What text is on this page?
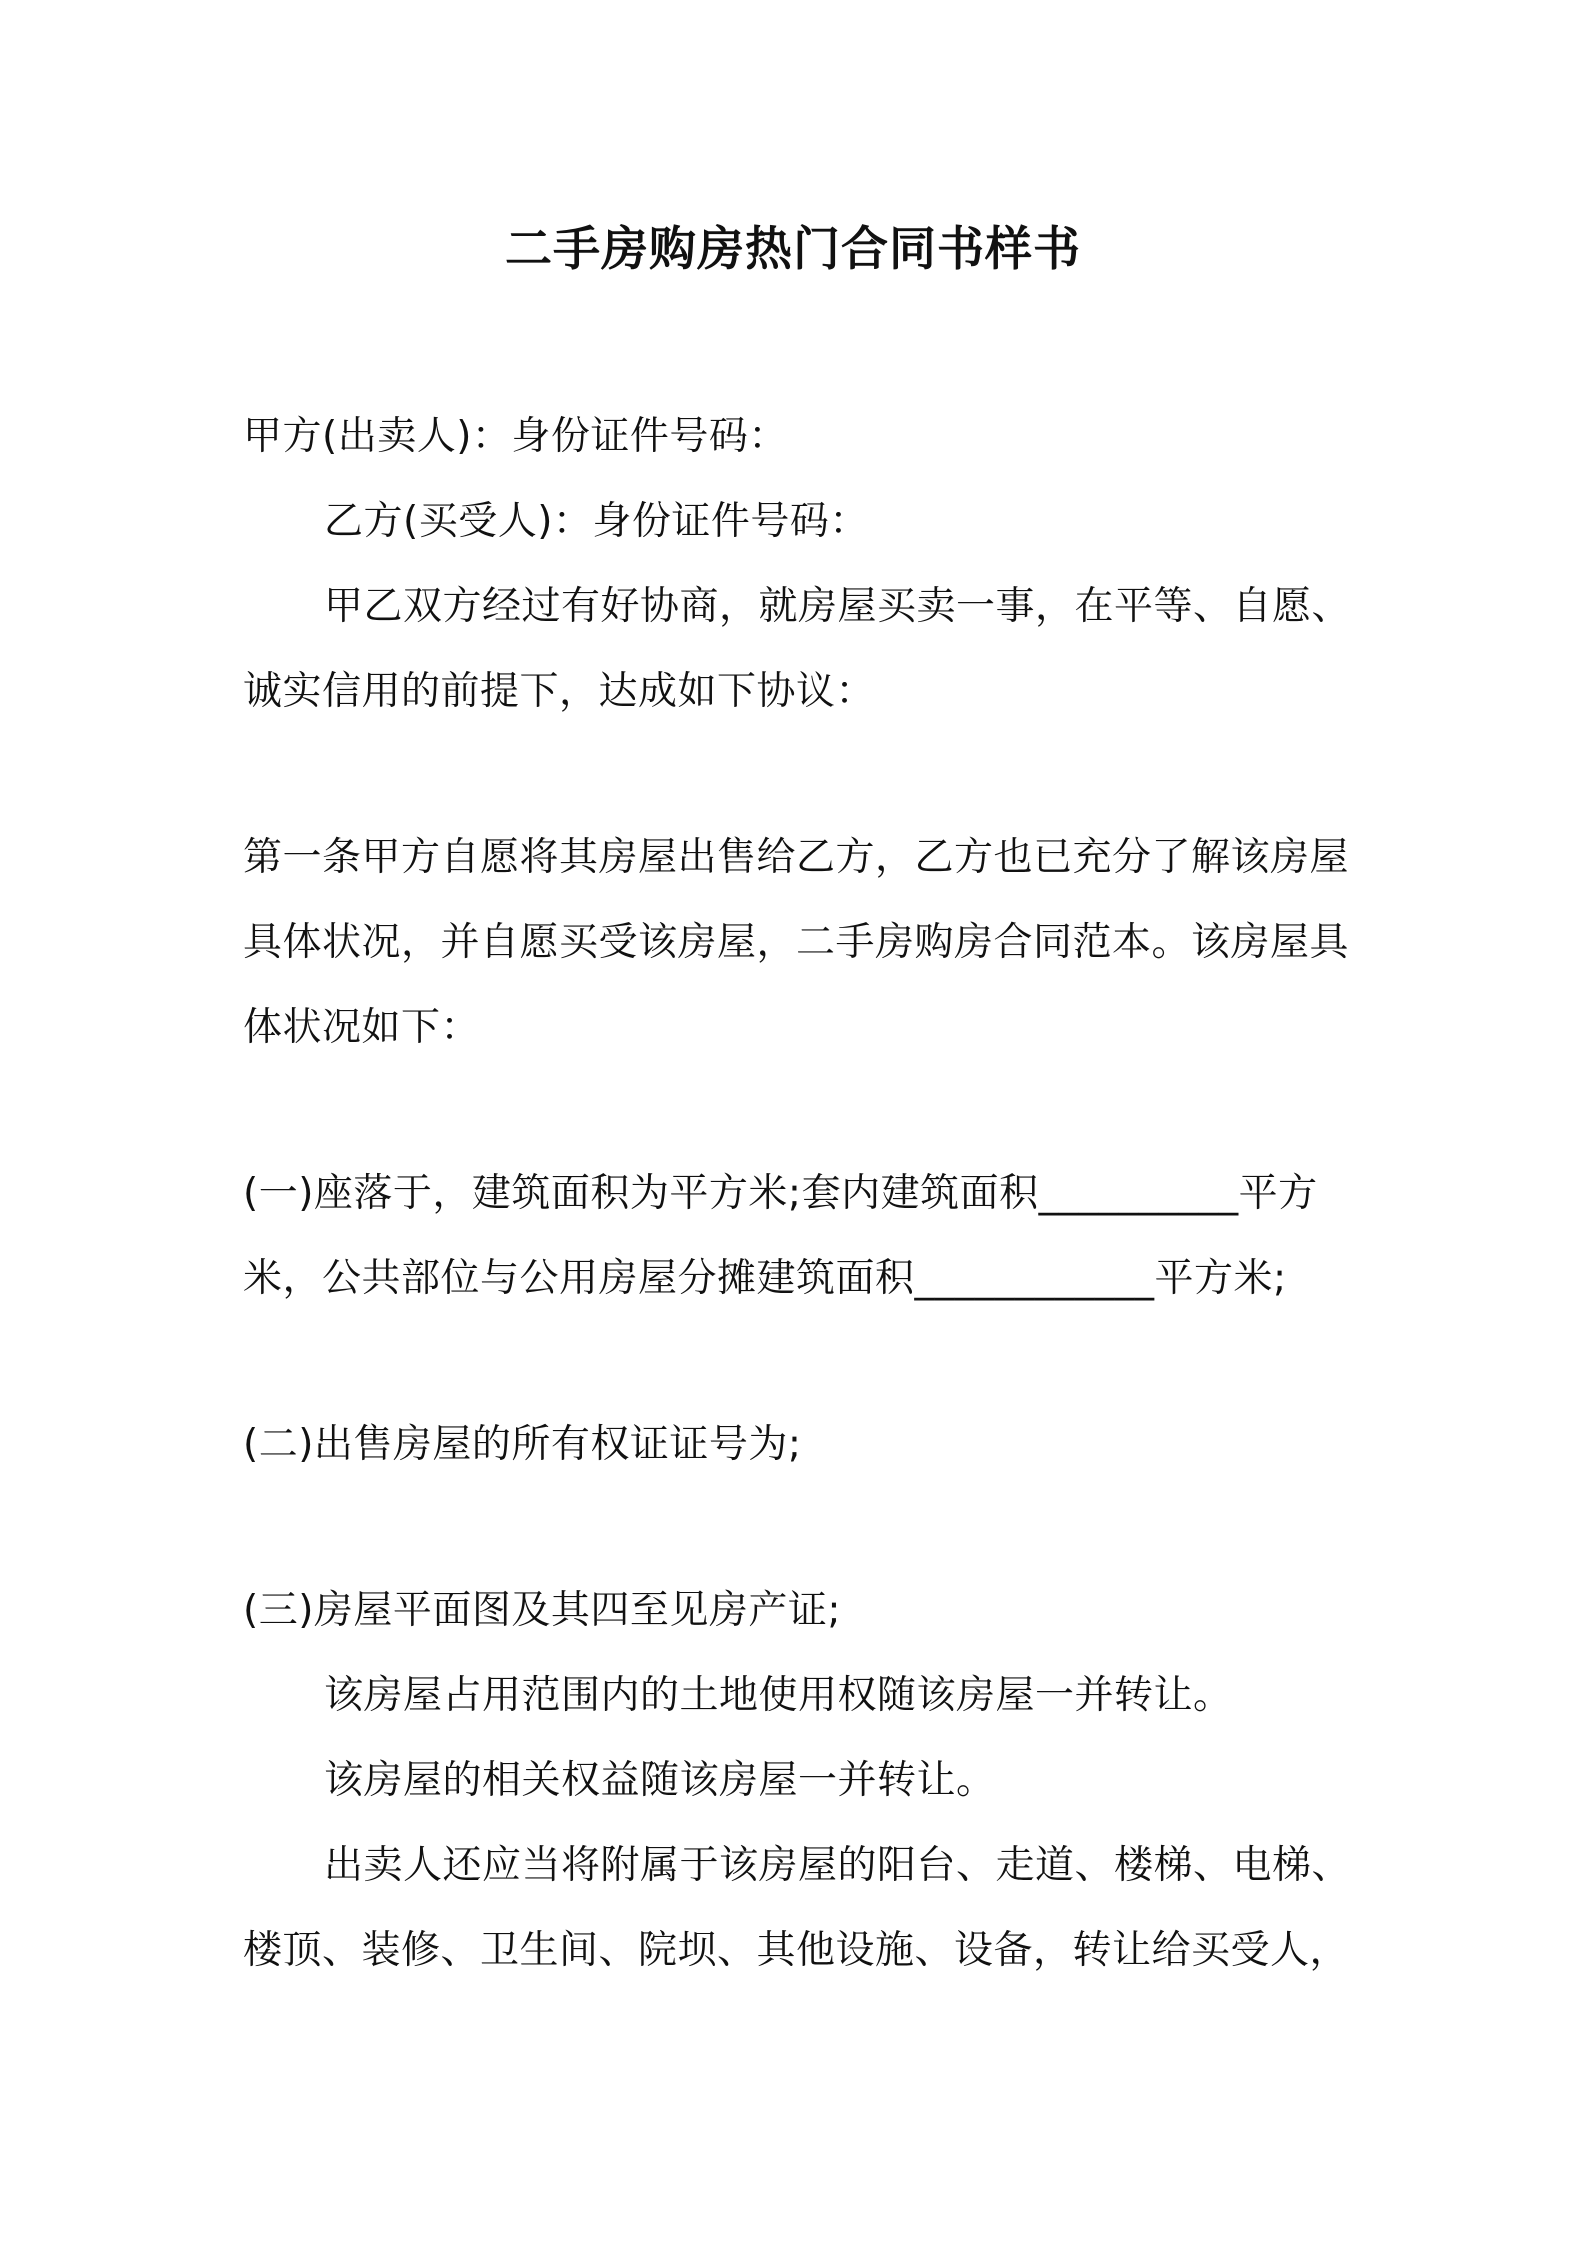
二手房购房热门合同书样书
甲方(出卖人)：身份证件号码：
乙方(买受人)：身份证件号码：
甲乙双方经过有好协商，就房屋买卖一事，在平等、自愿、
诚实信用的前提下，达成如下协议：
第一条甲方自愿将其房屋出售给乙方，乙方也已充分了解该房屋
具体状况，并自愿买受该房屋，二手房购房合同范本。该房屋具
体状况如下：
(一)座落于，建筑面积为平方米;套内建筑面积__________平方
米，公共部位与公用房屋分摊建筑面积____________平方米;
(二)出售房屋的所有权证证号为;
(三)房屋平面图及其四至见房产证;
该房屋占用范围内的土地使用权随该房屋一并转让。
该房屋的相关权益随该房屋一并转让。
出卖人还应当将附属于该房屋的阳台、走道、楼梯、电梯、
楼顶、装修、卫生间、院坝、其他设施、设备，转让给买受人，
